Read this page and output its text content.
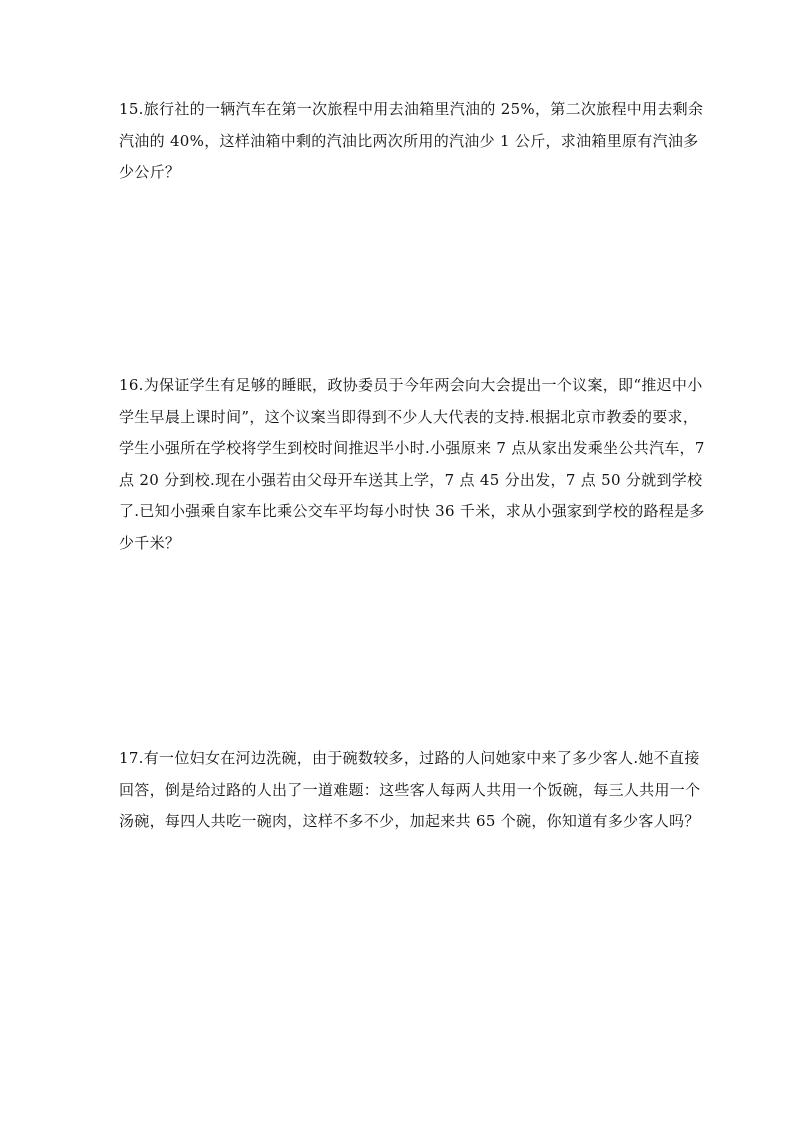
15.旅行社的一辆汽车在第一次旅程中用去油箱里汽油的 25%，第二次旅程中用去剩余汽油的 40%，这样油箱中剩的汽油比两次所用的汽油少 1 公斤，求油箱里原有汽油多少公斤？
16.为保证学生有足够的睡眠，政协委员于今年两会向大会提出一个议案，即“推迟中小学生早晨上课时间”，这个议案当即得到不少人大代表的支持.根据北京市教委的要求，学生小强所在学校将学生到校时间推迟半小时.小强原来 7 点从家出发乘坐公共汽车，7 点 20 分到校.现在小强若由父母开车送其上学，7 点 45 分出发，7 点 50 分就到学校了.已知小强乘自家车比乘公交车平均每小时快 36 千米，求从小强家到学校的路程是多少千米？
17.有一位妇女在河边洗碗，由于碗数较多，过路的人问她家中来了多少客人.她不直接回答，倒是给过路的人出了一道难题：这些客人每两人共用一个饭碗，每三人共用一个汤碗，每四人共吃一碗肉，这样不多不少，加起来共 65 个碗，你知道有多少客人吗？
